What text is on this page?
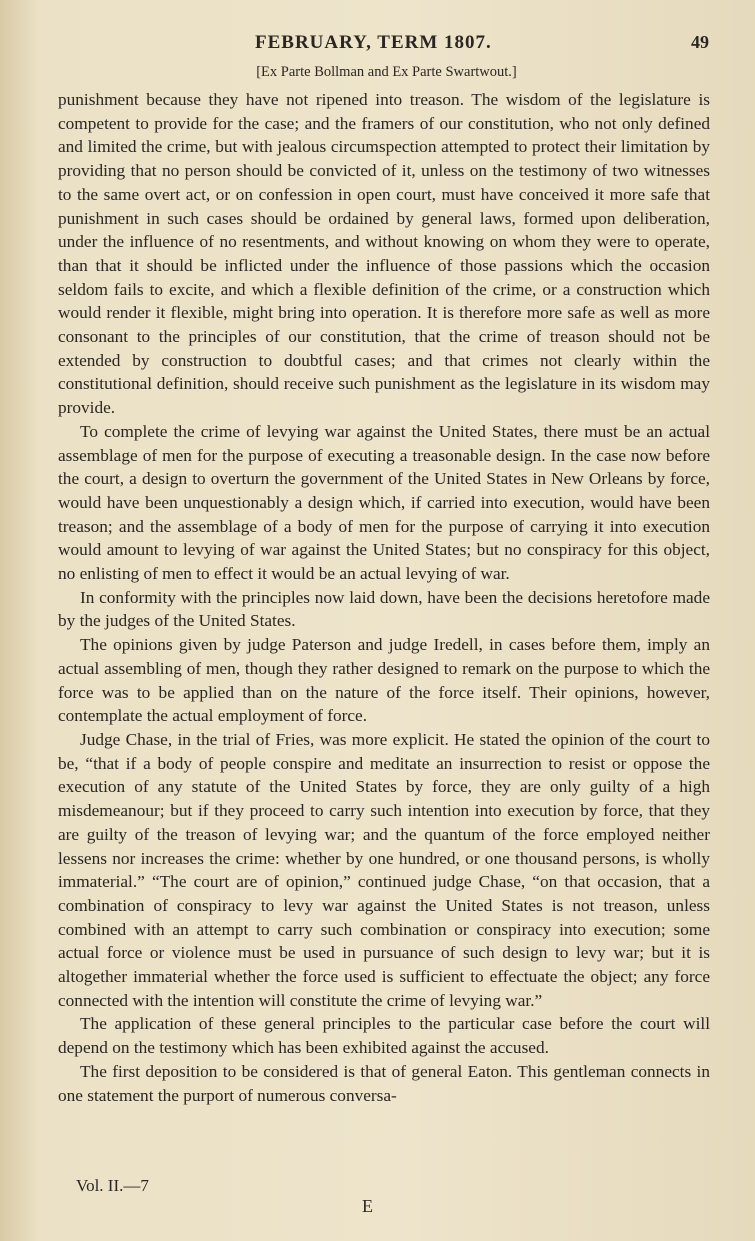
FEBRUARY, TERM 1807.	49
[Ex Parte Bollman and Ex Parte Swartwout.]

punishment because they have not ripened into treason. The wisdom of the legislature is competent to provide for the case; and the framers of our constitution, who not only defined and limited the crime, but with jealous circumspection attempted to protect their limitation by providing that no person should be convicted of it, unless on the testimony of two witnesses to the same overt act, or on confession in open court, must have conceived it more safe that punishment in such cases should be ordained by general laws, formed upon deliberation, under the influence of no resentments, and without knowing on whom they were to operate, than that it should be inflicted under the influence of those passions which the occasion seldom fails to excite, and which a flexible definition of the crime, or a construction which would render it flexible, might bring into operation. It is therefore more safe as well as more consonant to the principles of our constitution, that the crime of treason should not be extended by construction to doubtful cases; and that crimes not clearly within the constitutional definition, should receive such punishment as the legislature in its wisdom may provide.

To complete the crime of levying war against the United States, there must be an actual assemblage of men for the purpose of executing a treasonable design. In the case now before the court, a design to overturn the government of the United States in New Orleans by force, would have been unquestionably a design which, if carried into execution, would have been treason; and the assemblage of a body of men for the purpose of carrying it into execution would amount to levying of war against the United States; but no conspiracy for this object, no enlisting of men to effect it would be an actual levying of war.

In conformity with the principles now laid down, have been the decisions heretofore made by the judges of the United States.

The opinions given by judge Paterson and judge Iredell, in cases before them, imply an actual assembling of men, though they rather designed to remark on the purpose to which the force was to be applied than on the nature of the force itself. Their opinions, however, contemplate the actual employment of force.

Judge Chase, in the trial of Fries, was more explicit. He stated the opinion of the court to be, “that if a body of people conspire and meditate an insurrection to resist or oppose the execution of any statute of the United States by force, they are only guilty of a high misdemeanour; but if they proceed to carry such intention into execution by force, that they are guilty of the treason of levying war; and the quantum of the force employed neither lessens nor increases the crime: whether by one hundred, or one thousand persons, is wholly immaterial.” “The court are of opinion,” continued judge Chase, “on that occasion, that a combination of conspiracy to levy war against the United States is not treason, unless combined with an attempt to carry such combination or conspiracy into execution; some actual force or violence must be used in pursuance of such design to levy war; but it is altogether immaterial whether the force used is sufficient to effectuate the object; any force connected with the intention will constitute the crime of levying war.”

The application of these general principles to the particular case before the court will depend on the testimony which has been exhibited against the accused.

The first deposition to be considered is that of general Eaton. This gentleman connects in one statement the purport of numerous conversa-

Vol. II.—7
E
